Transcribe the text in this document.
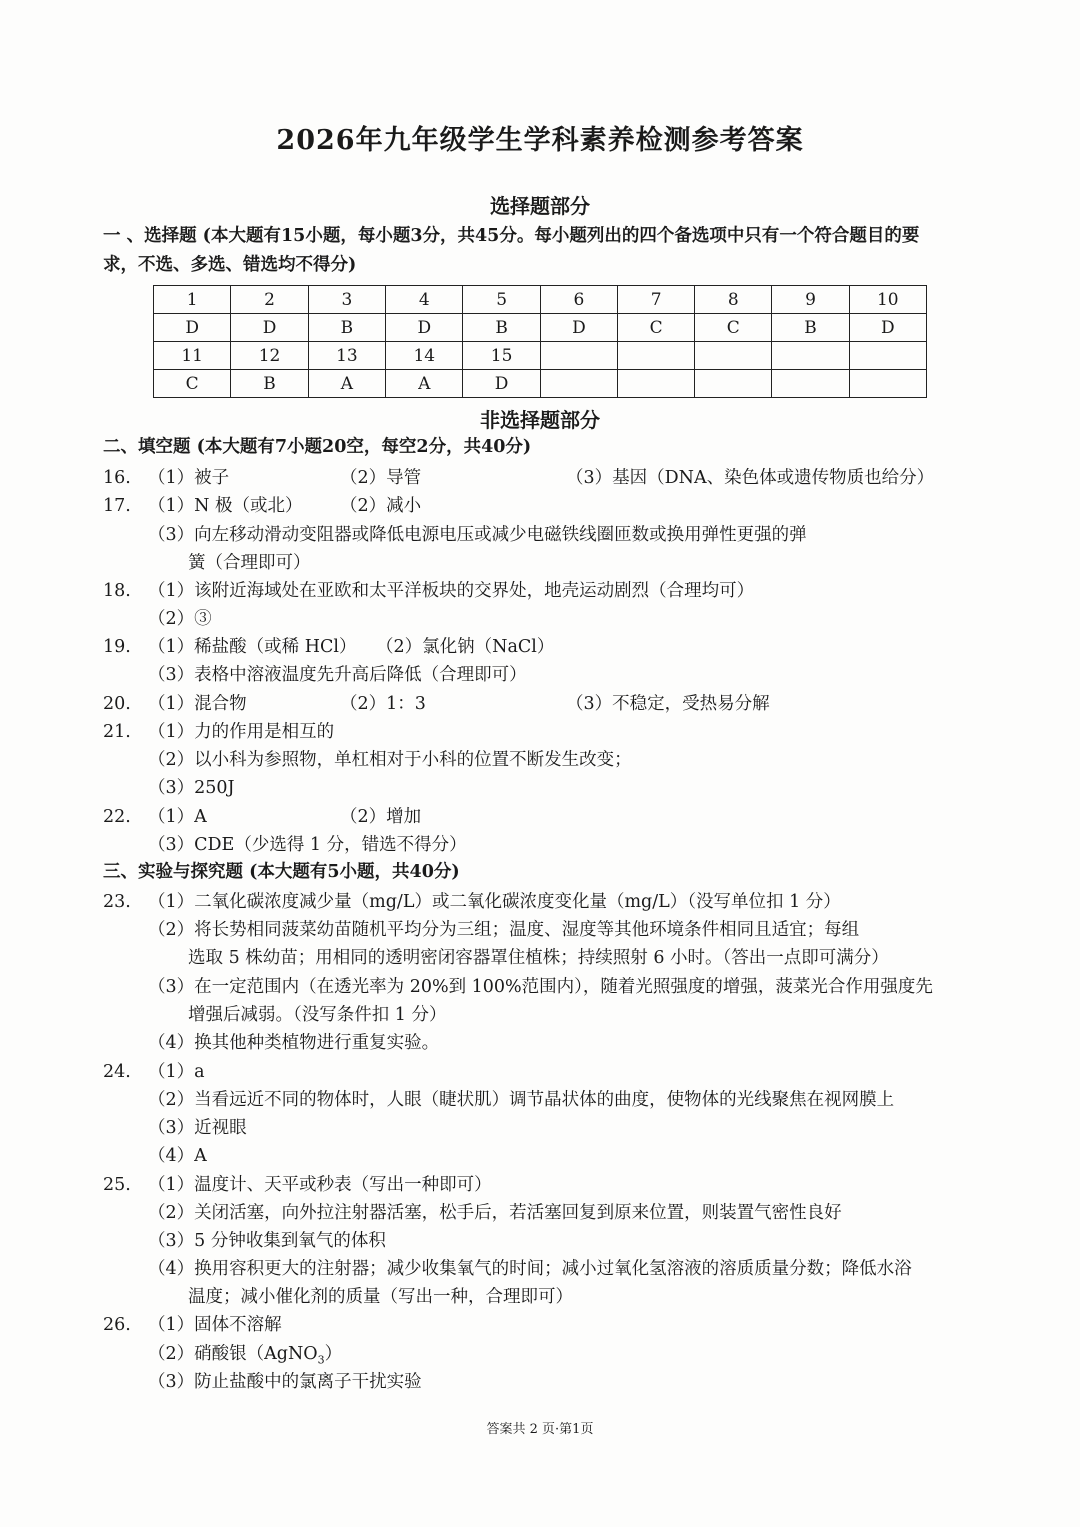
2026年九年级学生学科素养检测参考答案
选择题部分
一 、选择题 (本大题有15小题，每小题3分，共45分。每小题列出的四个备选项中只有一个符合题目的要
求，不选、多选、错选均不得分)
1	2	3	4	5	6	7	8	9	10
D	D	B	D	B	D	C	C	B	D
11	12	13	14	15					
C	B	A	A	D					
非选择题部分
二、填空题 (本大题有7小题20空，每空2分，共40分)
16. （1）被子	（2）导管	（3）基因（DNA、染色体或遗传物质也给分）
17. （1）N 极（或北） （2）减小
（3）向左移动滑动变阻器或降低电源电压或减少电磁铁线圈匝数或换用弹性更强的弹
簧（合理即可）
18. （1）该附近海域处在亚欧和太平洋板块的交界处，地壳运动剧烈（合理均可）
（2）③
19. （1）稀盐酸（或稀 HCl） （2）氯化钠（NaCl）
（3）表格中溶液温度先升高后降低（合理即可）
20. （1）混合物	（2）1：3	（3）不稳定，受热易分解
21. （1）力的作用是相互的
（2）以小科为参照物，单杠相对于小科的位置不断发生改变；
（3）250J
22. （1）A	（2）增加
（3）CDE（少选得 1 分，错选不得分）
三、实验与探究题 (本大题有5小题，共40分)
23. （1）二氧化碳浓度减少量（mg/L）或二氧化碳浓度变化量（mg/L）（没写单位扣 1 分）
（2）将长势相同菠菜幼苗随机平均分为三组；温度、湿度等其他环境条件相同且适宜；每组
选取 5 株幼苗；用相同的透明密闭容器罩住植株；持续照射 6 小时。（答出一点即可满分）
（3）在一定范围内（在透光率为 20%到 100%范围内），随着光照强度的增强，菠菜光合作用强度先
增强后减弱。（没写条件扣 1 分）
（4）换其他种类植物进行重复实验。
24. （1）a
（2）当看远近不同的物体时，人眼（睫状肌）调节晶状体的曲度，使物体的光线聚焦在视网膜上
（3）近视眼
（4）A
25. （1）温度计、天平或秒表（写出一种即可）
（2）关闭活塞，向外拉注射器活塞，松手后，若活塞回复到原来位置，则装置气密性良好
（3）5 分钟收集到氧气的体积
（4）换用容积更大的注射器；减少收集氧气的时间；减小过氧化氢溶液的溶质质量分数；降低水浴
温度；减小催化剂的质量（写出一种，合理即可）
26. （1）固体不溶解
（2）硝酸银（AgNO$_3$）
（3）防止盐酸中的氯离子干扰实验
答案共 2 页·第1页
